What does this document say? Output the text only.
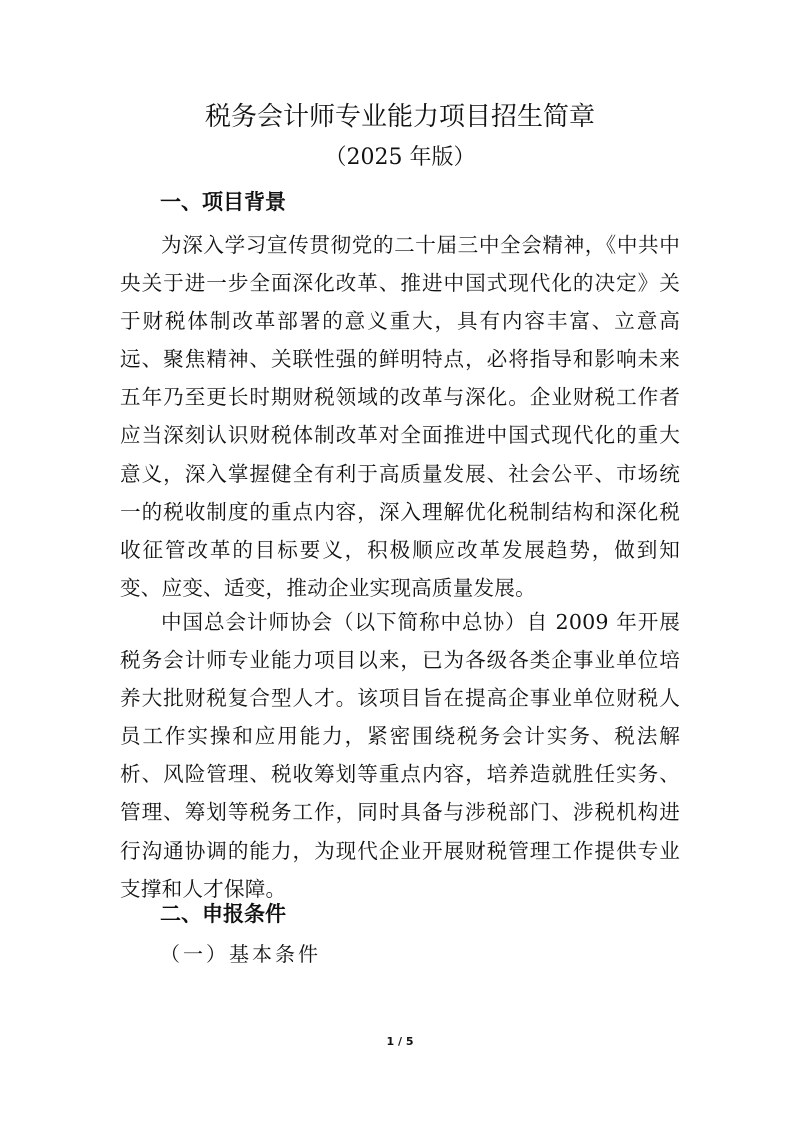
税务会计师专业能力项目招生简章
（2025 年版）
一、项目背景
为深入学习宣传贯彻党的二十届三中全会精神，《中共中央关于进一步全面深化改革、推进中国式现代化的决定》关于财税体制改革部署的意义重大，具有内容丰富、立意高远、聚焦精神、关联性强的鲜明特点，必将指导和影响未来五年乃至更长时期财税领域的改革与深化。企业财税工作者应当深刻认识财税体制改革对全面推进中国式现代化的重大意义，深入掌握健全有利于高质量发展、社会公平、市场统一的税收制度的重点内容，深入理解优化税制结构和深化税收征管改革的目标要义，积极顺应改革发展趋势，做到知变、应变、适变，推动企业实现高质量发展。
中国总会计师协会（以下简称中总协）自 2009 年开展税务会计师专业能力项目以来，已为各级各类企事业单位培养大批财税复合型人才。该项目旨在提高企事业单位财税人员工作实操和应用能力，紧密围绕税务会计实务、税法解析、风险管理、税收筹划等重点内容，培养造就胜任实务、管理、筹划等税务工作，同时具备与涉税部门、涉税机构进行沟通协调的能力，为现代企业开展财税管理工作提供专业支撑和人才保障。
二、申报条件
（一）基本条件
1 / 5
